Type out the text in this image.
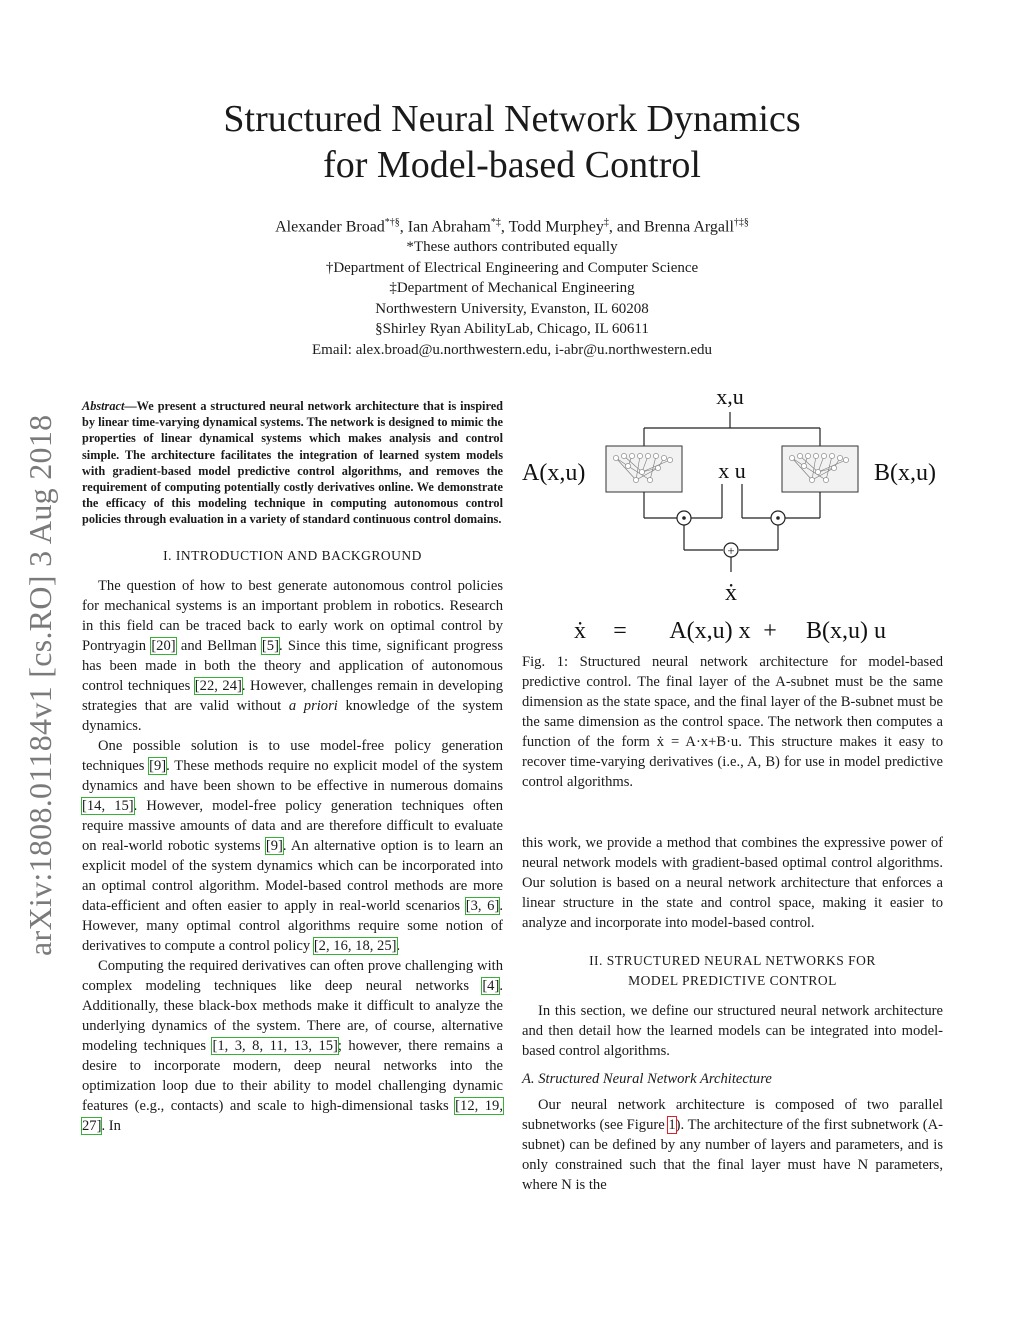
Structured Neural Network Dynamics
for Model-based Control
Alexander Broad*†§, Ian Abraham*‡, Todd Murphey‡, and Brenna Argall†‡§
*These authors contributed equally
†Department of Electrical Engineering and Computer Science
‡Department of Mechanical Engineering
Northwestern University, Evanston, IL 60208
§Shirley Ryan AbilityLab, Chicago, IL 60611
Email: alex.broad@u.northwestern.edu, i-abr@u.northwestern.edu
arXiv:1808.01184v1 [cs.RO] 3 Aug 2018
Abstract—We present a structured neural network architecture that is inspired by linear time-varying dynamical systems. The network is designed to mimic the properties of linear dynamical systems which makes analysis and control simple. The architecture facilitates the integration of learned system models with gradient-based model predictive control algorithms, and removes the requirement of computing potentially costly derivatives online. We demonstrate the efficacy of this modeling technique in computing autonomous control policies through evaluation in a variety of standard continuous control domains.
I. INTRODUCTION AND BACKGROUND

The question of how to best generate autonomous control policies for mechanical systems is an important problem in robotics. Research in this field can be traced back to early work on optimal control by Pontryagin [20] and Bellman [5]. Since this time, significant progress has been made in both the theory and application of autonomous control techniques [22, 24]. However, challenges remain in developing strategies that are valid without a priori knowledge of the system dynamics.

One possible solution is to use model-free policy generation techniques [9]. These methods require no explicit model of the system dynamics and have been shown to be effective in numerous domains [14, 15]. However, model-free policy generation techniques often require massive amounts of data and are therefore difficult to evaluate on real-world robotic systems [9]. An alternative option is to learn an explicit model of the system dynamics which can be incorporated into an optimal control algorithm. Model-based control methods are more data-efficient and often easier to apply in real-world scenarios [3, 6]. However, many optimal control algorithms require some notion of derivatives to compute a control policy [2, 16, 18, 25].

Computing the required derivatives can often prove challenging with complex modeling techniques like deep neural networks [4]. Additionally, these black-box methods make it difficult to analyze the underlying dynamics of the system. There are, of course, alternative modeling techniques [1, 3, 8, 11, 13, 15]; however, there remains a desire to incorporate modern, deep neural networks into the optimization loop due to their ability to model challenging dynamic features (e.g., contacts) and scale to high-dimensional tasks [12, 19, 27]. In

x,u
A(x,u)	B(x,u)
x u
+
ẋ
ẋ = A(x,u) x + B(x,u) u
Fig. 1: Structured neural network architecture for model-based predictive control. The final layer of the A-subnet must be the same dimension as the state space, and the final layer of the B-subnet must be the same dimension as the control space. The network then computes a function of the form ẋ = A·x+B·u. This structure makes it easy to recover time-varying derivatives (i.e., A, B) for use in model predictive control algorithms.

this work, we provide a method that combines the expressive power of neural network models with gradient-based optimal control algorithms. Our solution is based on a neural network architecture that enforces a linear structure in the state and control space, making it easier to analyze and incorporate into model-based control.

II. STRUCTURED NEURAL NETWORKS FOR
MODEL PREDICTIVE CONTROL

In this section, we define our structured neural network architecture and then detail how the learned models can be integrated into model-based control algorithms.

A. Structured Neural Network Architecture

Our neural network architecture is composed of two parallel subnetworks (see Figure 1). The architecture of the first subnetwork (A-subnet) can be defined by any number of layers and parameters, and is only constrained such that the final layer must have N parameters, where N is the
